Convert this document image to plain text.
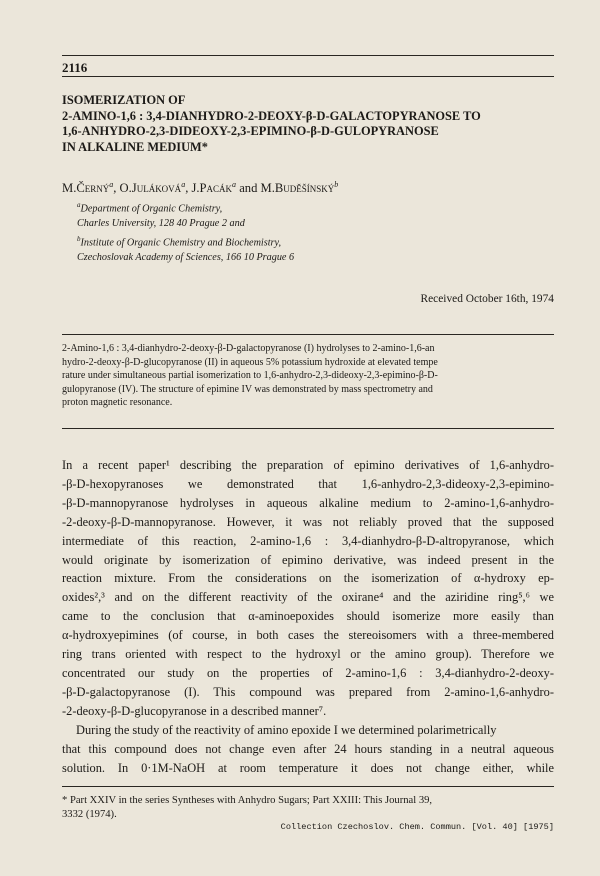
2116
ISOMERIZATION OF
2-AMINO-1,6 : 3,4-DIANHYDRO-2-DEOXY-β-D-GALACTOPYRANOSE TO
1,6-ANHYDRO-2,3-DIDEOXY-2,3-EPIMINO-β-D-GULOPYRANOSE
IN ALKALINE MEDIUM*
M.Černý$^a$, O.Juláková$^a$, J.Pacák$^a$ and M.Buděšínský$^b$
$^a$Department of Organic Chemistry,
Charles University, 128 40 Prague 2 and
$^b$Institute of Organic Chemistry and Biochemistry,
Czechoslovak Academy of Sciences, 166 10 Prague 6
Received October 16th, 1974
2-Amino-1,6 : 3,4-dianhydro-2-deoxy-β-D-galactopyranose (I) hydrolyses to 2-amino-1,6-an
hydro-2-deoxy-β-D-glucopyranose (II) in aqueous 5% potassium hydroxide at elevated tempe
rature under simultaneous partial isomerization to 1,6-anhydro-2,3-dideoxy-2,3-epimino-β-D-
gulopyranose (IV). The structure of epimine IV was demonstrated by mass spectrometry and
proton magnetic resonance.
In a recent paper¹ describing the preparation of epimino derivatives of 1,6-anhydro-
-β-D-hexopyranoses we demonstrated that 1,6-anhydro-2,3-dideoxy-2,3-epimino-
-β-D-mannopyranose hydrolyses in aqueous alkaline medium to 2-amino-1,6-anhydro-
-2-deoxy-β-D-mannopyranose. However, it was not reliably proved that the supposed
intermediate of this reaction, 2-amino-1,6 : 3,4-dianhydro-β-D-altropyranose, which
would originate by isomerization of epimino derivative, was indeed present in the
reaction mixture. From the considerations on the isomerization of α-hydroxy ep-
oxides²,³ and on the different reactivity of the oxirane⁴ and the aziridine ring⁵,⁶ we
came to the conclusion that α-aminoepoxides should isomerize more easily than
α-hydroxyepimines (of course, in both cases the stereoisomers with a three-membered
ring trans oriented with respect to the hydroxyl or the amino group). Therefore we
concentrated our study on the properties of 2-amino-1,6 : 3,4-dianhydro-2-deoxy-
-β-D-galactopyranose (I). This compound was prepared from 2-amino-1,6-anhydro-
-2-deoxy-β-D-glucopyranose in a described manner⁷.
During the study of the reactivity of amino epoxide I we determined polarimetrically
that this compound does not change even after 24 hours standing in a neutral aqueous
solution. In 0·1M-NaOH at room temperature it does not change either, while
* Part XXIV in the series Syntheses with Anhydro Sugars; Part XXIII: This Journal 39,
3332 (1974).
Collection Czechoslov. Chem. Commun. [Vol. 40] [1975]
